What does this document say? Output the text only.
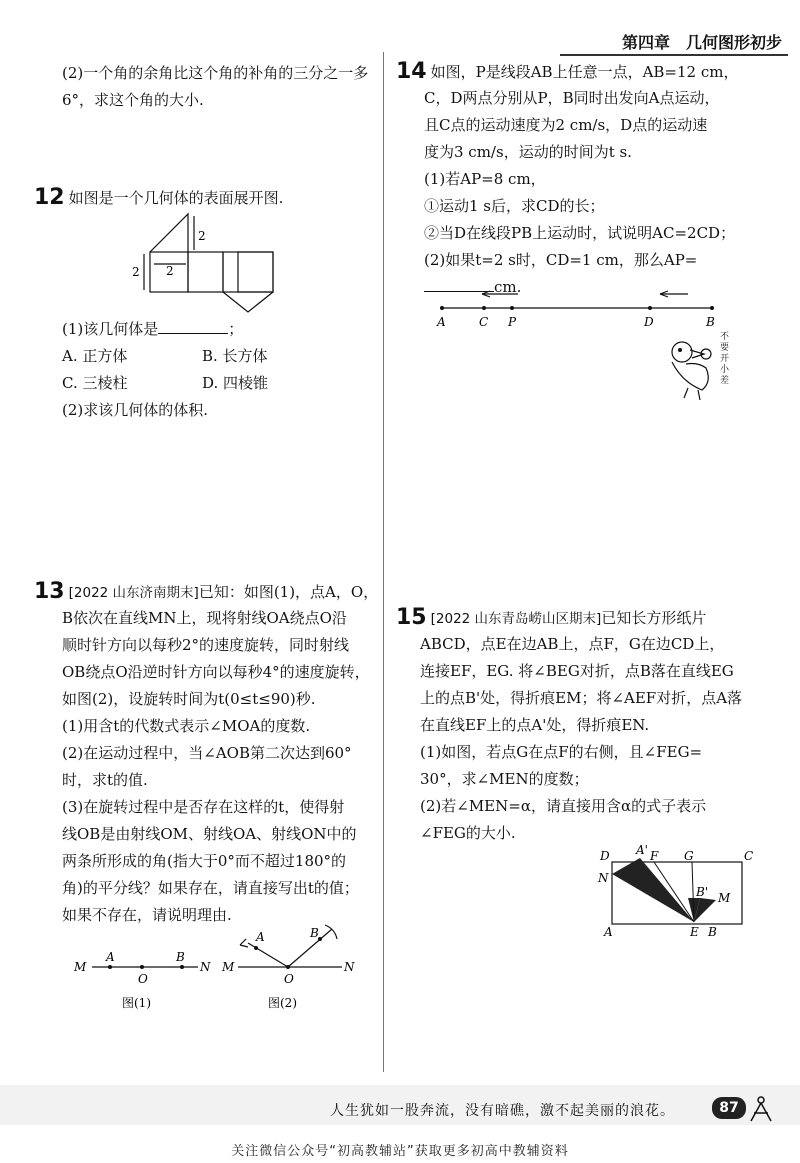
第四章　几何图形初步

(2)一个角的余角比这个角的补角的三分之一多6°，求这个角的大小.

12 如图是一个几何体的表面展开图.

2
2 2

(1)该几何体是	；

A. 正方体	B. 长方体
C. 三棱柱	D. 四棱锥

(2)求该几何体的体积.

13 [2022 山东济南期末]已知：如图(1)，点A，O，

B依次在直线MN上，现将射线OA绕点O沿

顺时针方向以每秒2°的速度旋转，同时射线

OB绕点O沿逆时针方向以每秒4°的速度旋转，

如图(2)，设旋转时间为t(0≤t≤90)秒.

(1)用含t的代数式表示∠MOA的度数.

(2)在运动过程中，当∠AOB第二次达到60°

时，求t的值.

(3)在旋转过程中是否存在这样的t，使得射

线OB是由射线OM、射线OA、射线ON中的

两条所形成的角(指大于0°而不超过180°的

角)的平分线？如果存在，请直接写出t的值；

如果不存在，请说明理由.

M
A
O
B
N M
A
O
B
N
图(1)	图(2)

14 如图，P是线段AB上任意一点，AB=12 cm，

C，D两点分别从P，B同时出发向A点运动，

且C点的运动速度为2 cm/s，D点的运动速

度为3 cm/s，运动的时间为t s.

(1)若AP=8 cm，

①运动1 s后，求CD的长；

②当D在线段PB上运动时，试说明AC=2CD；

(2)如果t=2 s时，CD=1 cm，那么AP=

cm.

A	C P	D	B
不要开小差

15 [2022 山东青岛崂山区期末]已知长方形纸片

ABCD，点E在边AB上，点F，G在边CD上，

连接EF，EG. 将∠BEG对折，点B落在直线EG

上的点B'处，得折痕EM；将∠AEF对折，点A落

在直线EF上的点A'处，得折痕EN.

(1)如图，若点G在点F的右侧，且∠FEG=

30°，求∠MEN的度数；

(2)若∠MEN=α，请直接用含α的式子表示

∠FEG的大小.

D A' F G	C
N
B' M
A	E B
人生犹如一股奔流，没有暗礁，激不起美丽的浪花。	87
关注微信公众号“初高教辅站”获取更多初高中教辅资料
